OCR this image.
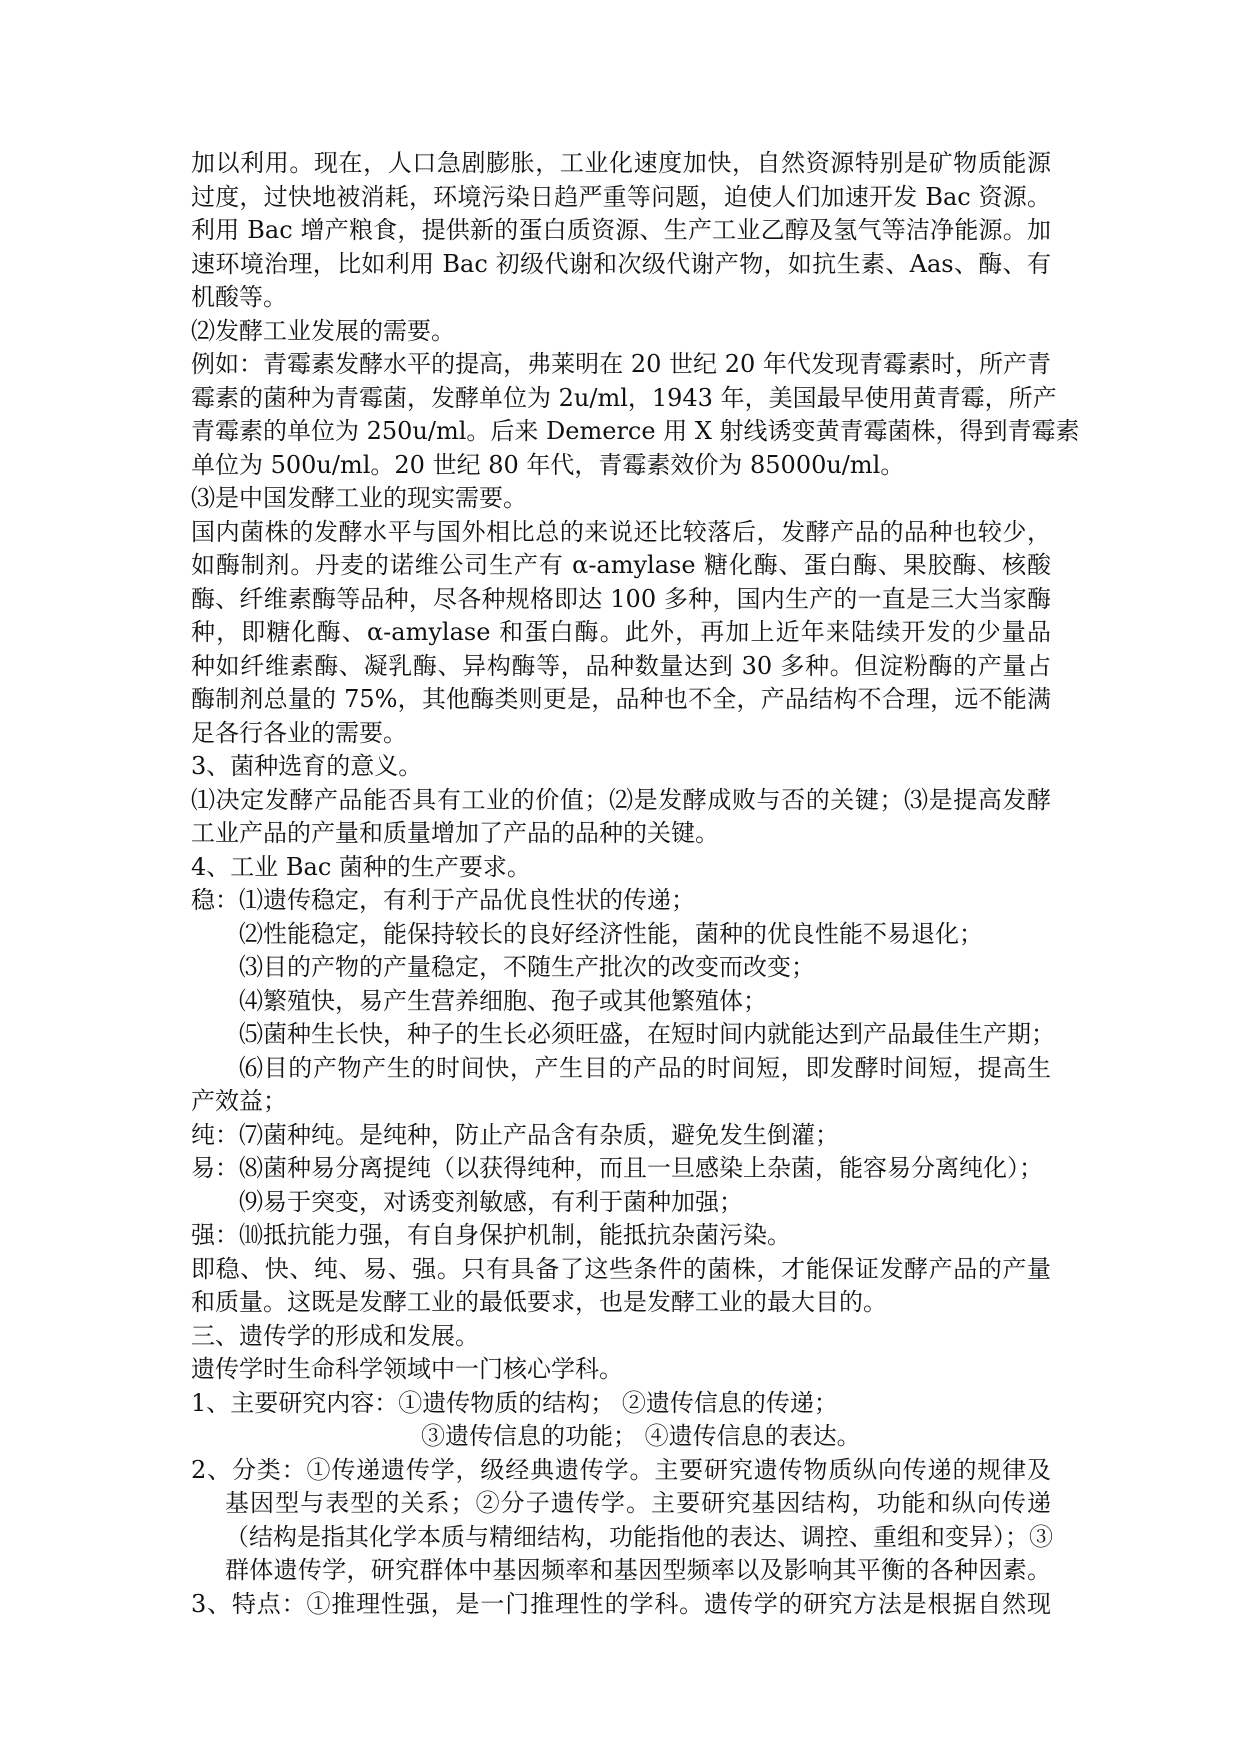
加以利用。现在，人口急剧膨胀，工业化速度加快，自然资源特别是矿物质能源
过度，过快地被消耗，环境污染日趋严重等问题，迫使人们加速开发 Bac 资源。
利用 Bac 增产粮食，提供新的蛋白质资源、生产工业乙醇及氢气等洁净能源。加
速环境治理，比如利用 Bac 初级代谢和次级代谢产物，如抗生素、Aas、酶、有
机酸等。
⑵发酵工业发展的需要。
例如：青霉素发酵水平的提高，弗莱明在 20 世纪 20 年代发现青霉素时，所产青
霉素的菌种为青霉菌，发酵单位为 2u/ml，1943 年，美国最早使用黄青霉，所产
青霉素的单位为 250u/ml。后来 Demerce 用 X 射线诱变黄青霉菌株，得到青霉素
单位为 500u/ml。20 世纪 80 年代，青霉素效价为 85000u/ml。
⑶是中国发酵工业的现实需要。
国内菌株的发酵水平与国外相比总的来说还比较落后，发酵产品的品种也较少，
如酶制剂。丹麦的诺维公司生产有 α-amylase 糖化酶、蛋白酶、果胶酶、核酸
酶、纤维素酶等品种，尽各种规格即达 100 多种，国内生产的一直是三大当家酶
种，即糖化酶、α-amylase 和蛋白酶。此外，再加上近年来陆续开发的少量品
种如纤维素酶、凝乳酶、异构酶等，品种数量达到 30 多种。但淀粉酶的产量占
酶制剂总量的 75%，其他酶类则更是，品种也不全，产品结构不合理，远不能满
足各行各业的需要。
3、菌种选育的意义。
⑴决定发酵产品能否具有工业的价值；⑵是发酵成败与否的关键；⑶是提高发酵
工业产品的产量和质量增加了产品的品种的关键。
4、工业 Bac 菌种的生产要求。
稳：⑴遗传稳定，有利于产品优良性状的传递；
⑵性能稳定，能保持较长的良好经济性能，菌种的优良性能不易退化；
⑶目的产物的产量稳定，不随生产批次的改变而改变；
⑷繁殖快，易产生营养细胞、孢子或其他繁殖体；
⑸菌种生长快，种子的生长必须旺盛，在短时间内就能达到产品最佳生产期；
⑹目的产物产生的时间快，产生目的产品的时间短，即发酵时间短，提高生
产效益；
纯：⑺菌种纯。是纯种，防止产品含有杂质，避免发生倒灌；
易：⑻菌种易分离提纯（以获得纯种，而且一旦感染上杂菌，能容易分离纯化）；
⑼易于突变，对诱变剂敏感，有利于菌种加强；
强：⑽抵抗能力强，有自身保护机制，能抵抗杂菌污染。
即稳、快、纯、易、强。只有具备了这些条件的菌株，才能保证发酵产品的产量
和质量。这既是发酵工业的最低要求，也是发酵工业的最大目的。
三、遗传学的形成和发展。
遗传学时生命科学领域中一门核心学科。
1、主要研究内容：①遗传物质的结构； ②遗传信息的传递；
③遗传信息的功能； ④遗传信息的表达。
2、分类：①传递遗传学，级经典遗传学。主要研究遗传物质纵向传递的规律及
基因型与表型的关系；②分子遗传学。主要研究基因结构，功能和纵向传递
（结构是指其化学本质与精细结构，功能指他的表达、调控、重组和变异）；③
群体遗传学，研究群体中基因频率和基因型频率以及影响其平衡的各种因素。
3、特点：①推理性强，是一门推理性的学科。遗传学的研究方法是根据自然现
